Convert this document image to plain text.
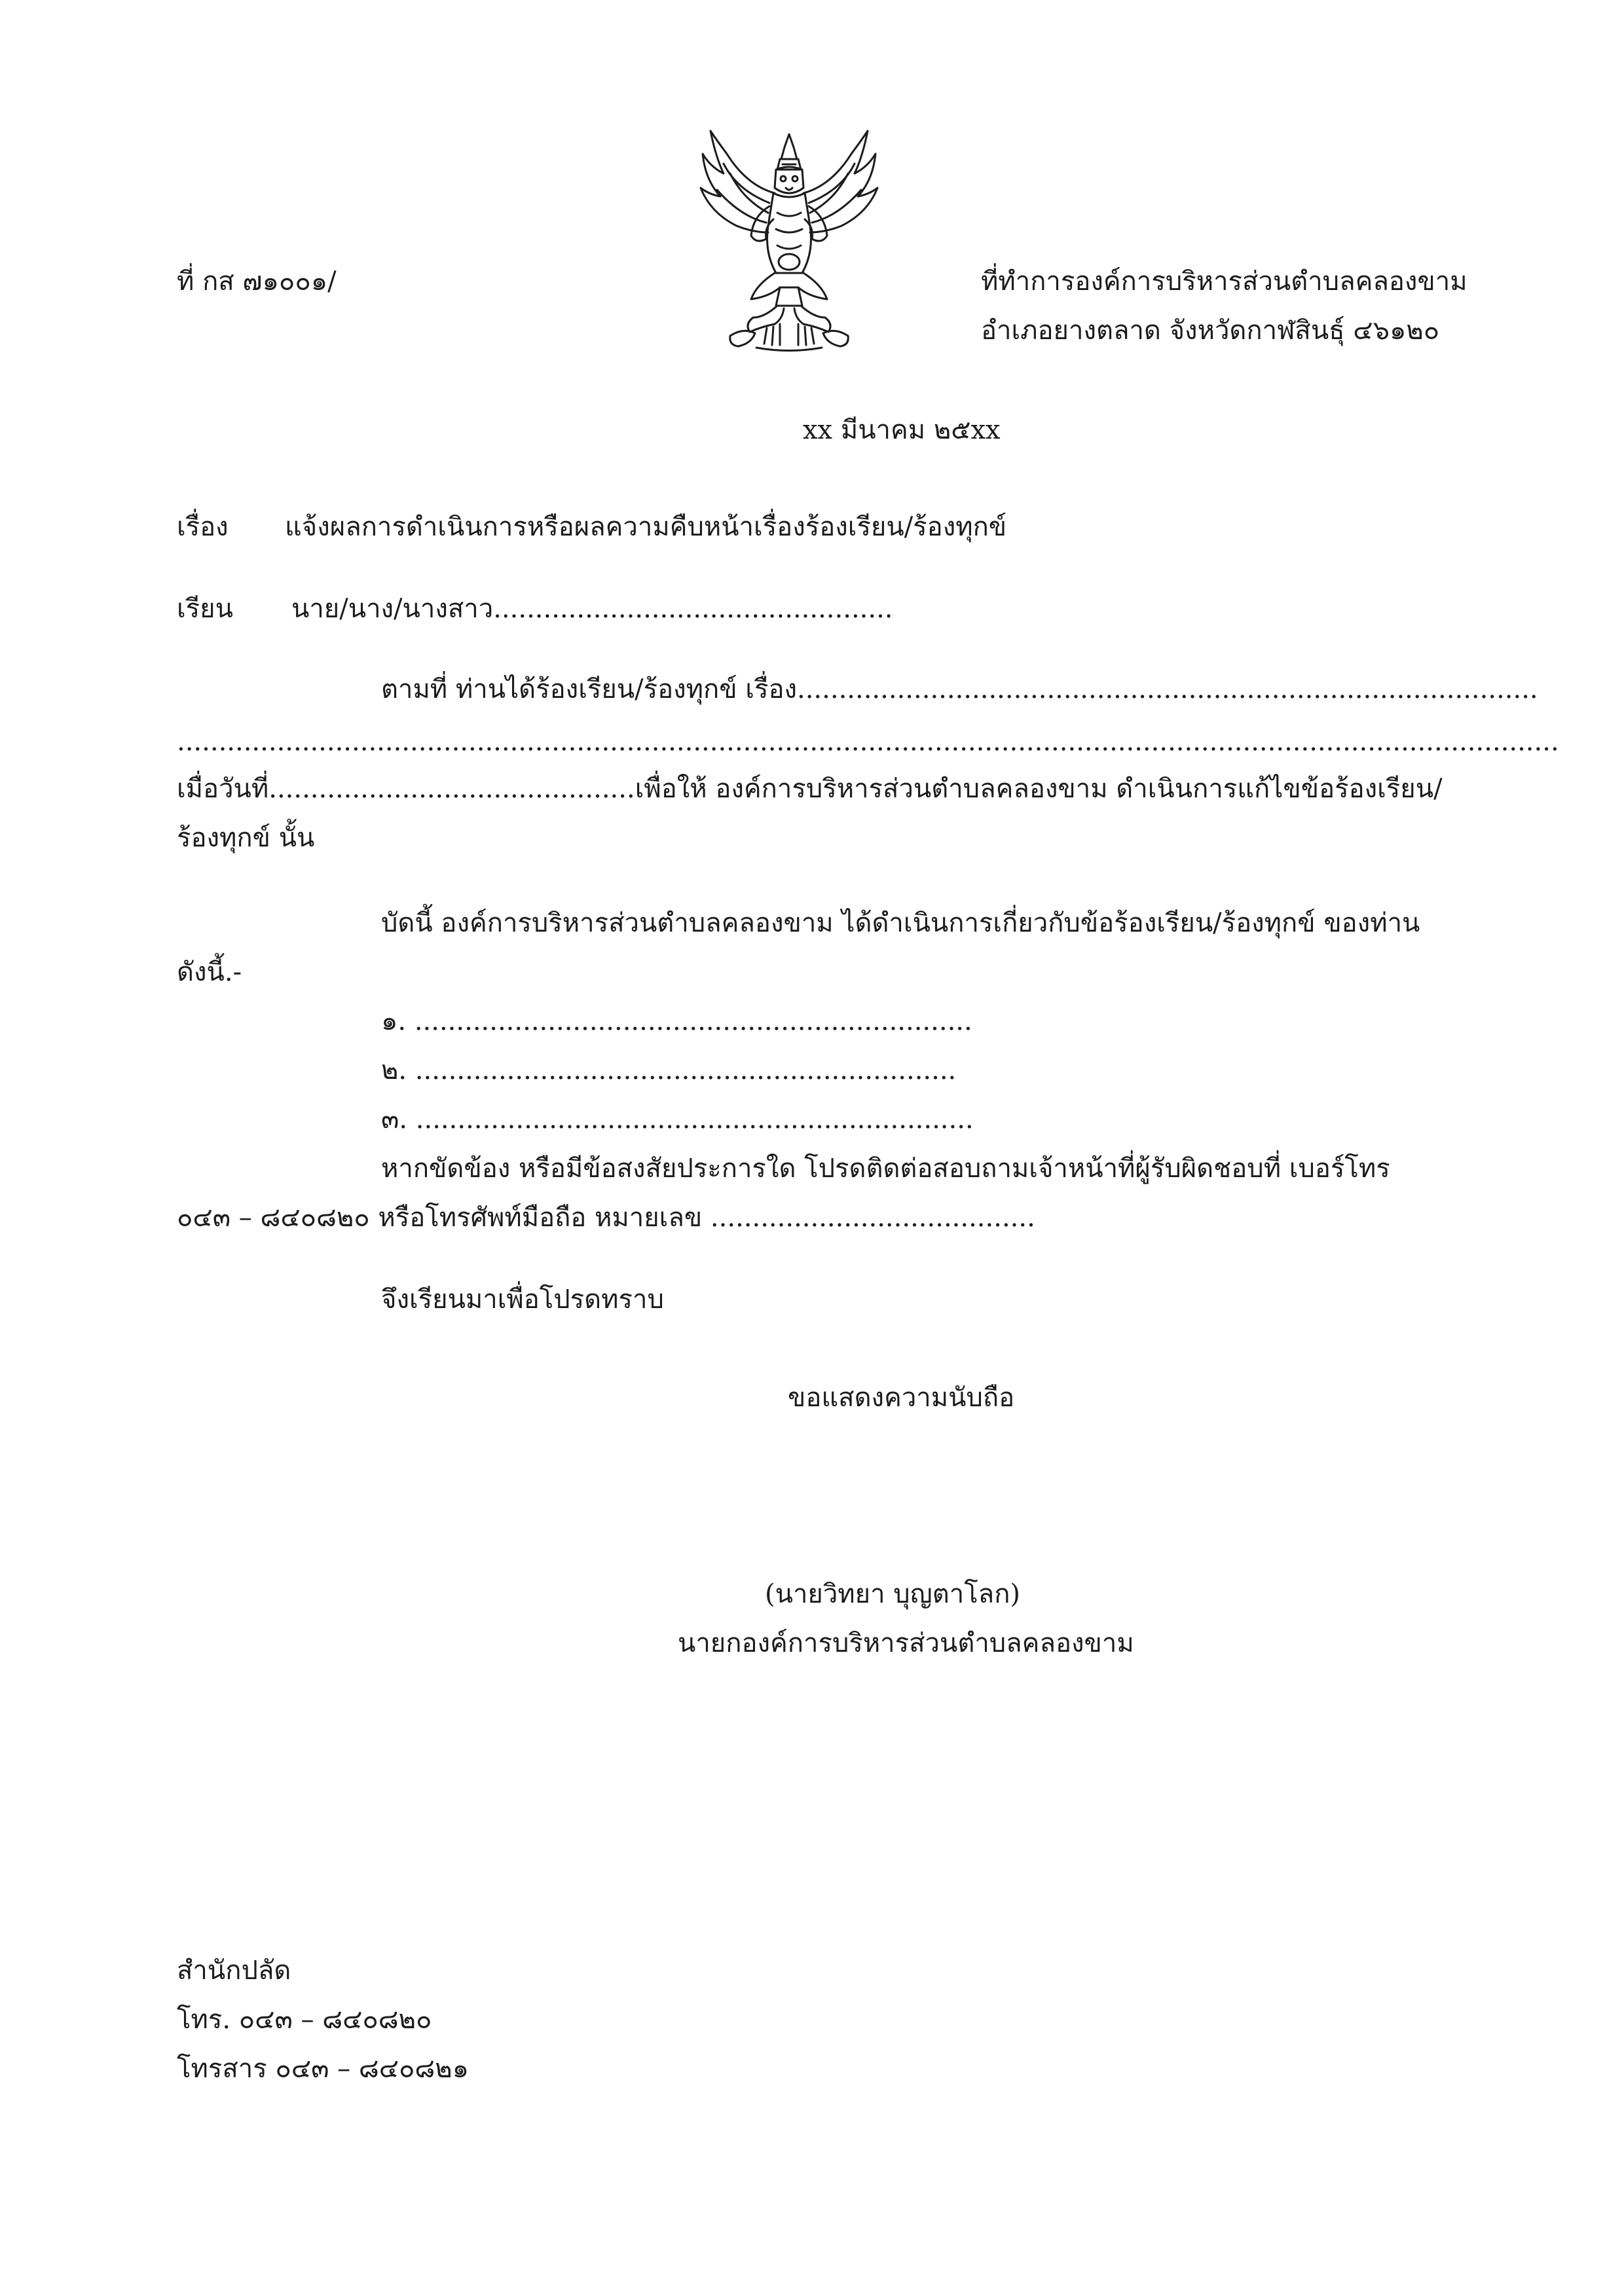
ที่ กส ๗๑๐๐๑/	ที่ทำการองค์การบริหารส่วนตำบลคลองขาม
อำเภอยางตลาด จังหวัดกาฬสินธุ์ ๔๖๑๒๐
xx มีนาคม ๒๕xx
เรื่อง แจ้งผลการดำเนินการหรือผลความคืบหน้าเรื่องร้องเรียน/ร้องทุกข์
เรียน นาย/นาง/นางสาว................................................
ตามที่ ท่านได้ร้องเรียน/ร้องทุกข์ เรื่อง.........................................................................................
......................................................................................................................................................................
เมื่อวันที่............................................เพื่อให้ องค์การบริหารส่วนตำบลคลองขาม ดำเนินการแก้ไขข้อร้องเรียน/
ร้องทุกข์ นั้น
บัดนี้ องค์การบริหารส่วนตำบลคลองขาม ได้ดำเนินการเกี่ยวกับข้อร้องเรียน/ร้องทุกข์ ของท่าน
ดังนี้.-
๑. ...................................................................
๒. .................................................................
๓. ...................................................................
หากขัดข้อง หรือมีข้อสงสัยประการใด โปรดติดต่อสอบถามเจ้าหน้าที่ผู้รับผิดชอบที่ เบอร์โทร
๐๔๓ – ๘๔๐๘๒๐ หรือโทรศัพท์มือถือ หมายเลข .......................................
จึงเรียนมาเพื่อโปรดทราบ
ขอแสดงความนับถือ
(นายวิทยา บุญตาโลก)
นายกองค์การบริหารส่วนตำบลคลองขาม
สำนักปลัด
โทร. ๐๔๓ – ๘๔๐๘๒๐
โทรสาร ๐๔๓ – ๘๔๐๘๒๑
